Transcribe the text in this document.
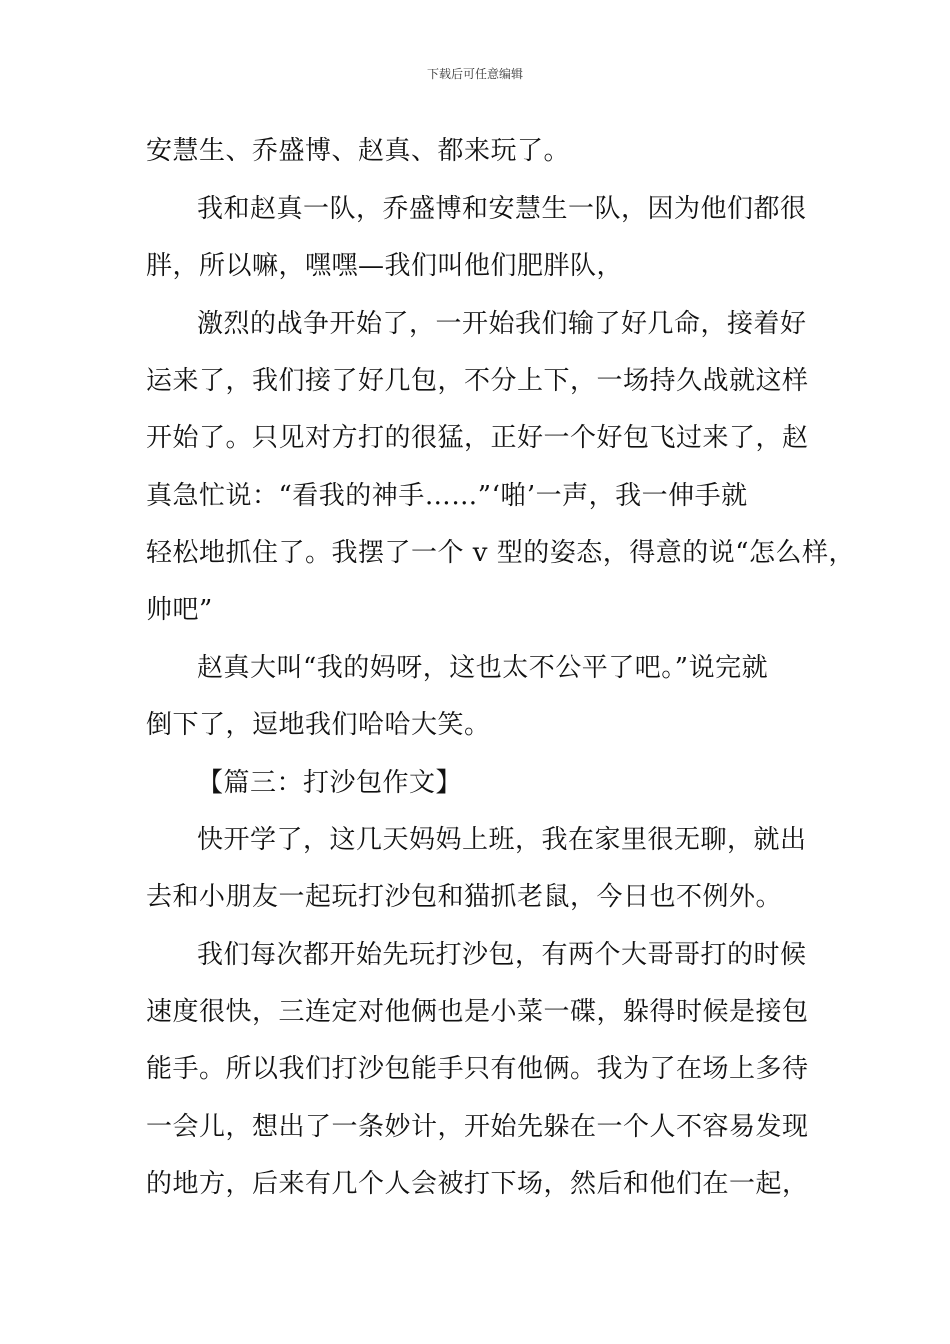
下载后可任意编辑
安慧生、乔盛博、赵真、都来玩了。
我和赵真一队，乔盛博和安慧生一队，因为他们都很
胖，所以嘛，嘿嘿—我们叫他们肥胖队，
激烈的战争开始了，一开始我们输了好几命，接着好
运来了，我们接了好几包，不分上下，一场持久战就这样
开始了。只见对方打的很猛，正好一个好包飞过来了，赵
真急忙说：“看我的神手……”‘啪’一声，我一伸手就
轻松地抓住了。我摆了一个 v 型的姿态，得意的说“怎么样，
帅吧”
赵真大叫“我的妈呀，这也太不公平了吧。”说完就
倒下了，逗地我们哈哈大笑。
【篇三：打沙包作文】
快开学了，这几天妈妈上班，我在家里很无聊，就出
去和小朋友一起玩打沙包和猫抓老鼠，今日也不例外。
我们每次都开始先玩打沙包，有两个大哥哥打的时候
速度很快，三连定对他俩也是小菜一碟，躲得时候是接包
能手。所以我们打沙包能手只有他俩。我为了在场上多待
一会儿，想出了一条妙计，开始先躲在一个人不容易发现
的地方，后来有几个人会被打下场，然后和他们在一起，
